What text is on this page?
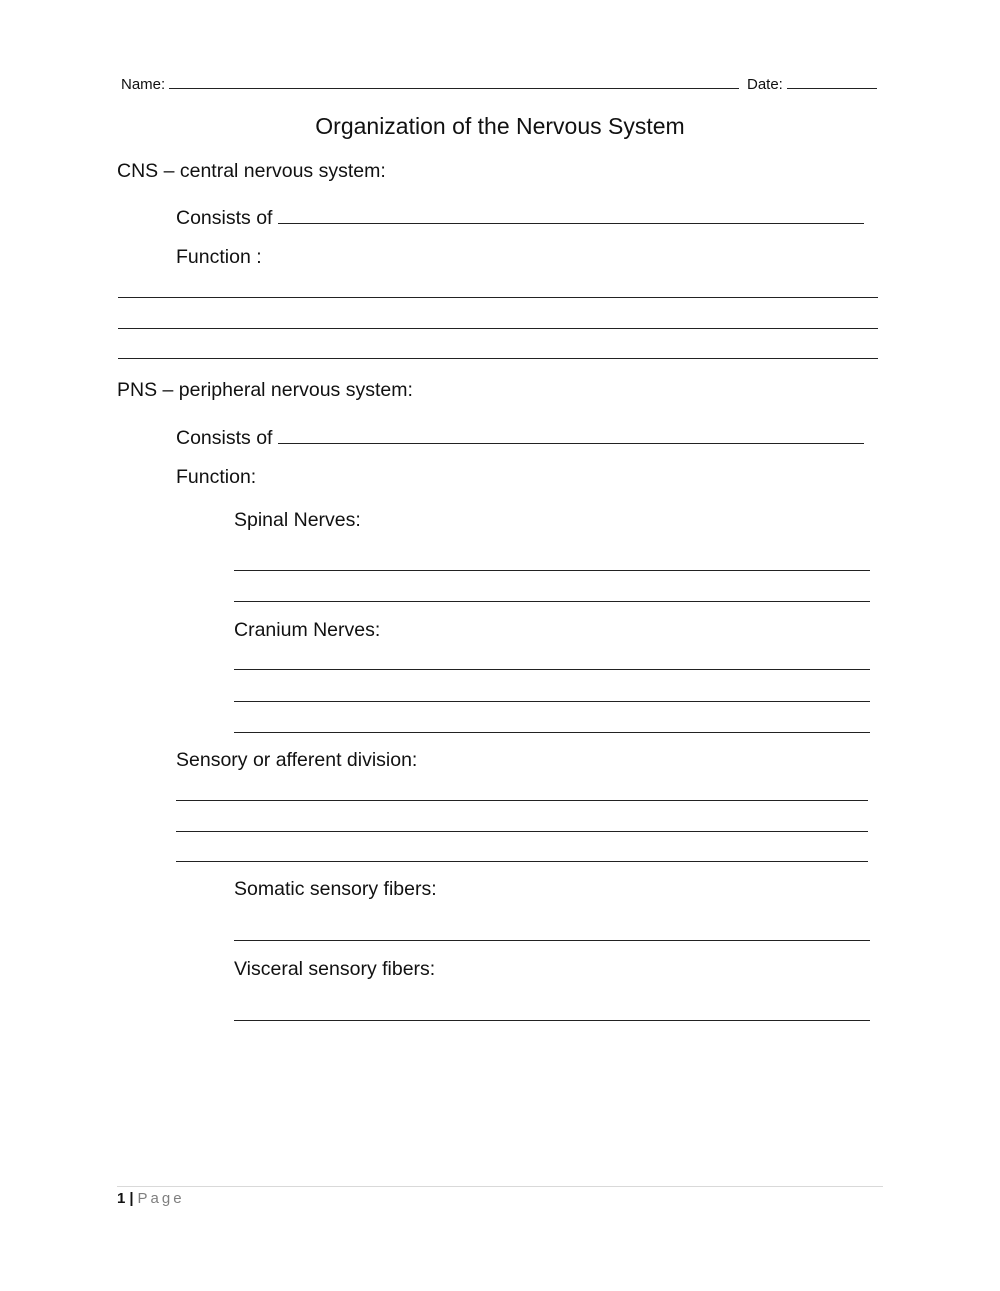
Name:	Date:
Organization of the Nervous System
CNS – central nervous system:
Consists of
Function :
PNS – peripheral nervous system:
Consists of
Function:
Spinal Nerves:
Cranium Nerves:
Sensory or afferent division:
Somatic sensory fibers:
Visceral sensory fibers:
1 | Page
